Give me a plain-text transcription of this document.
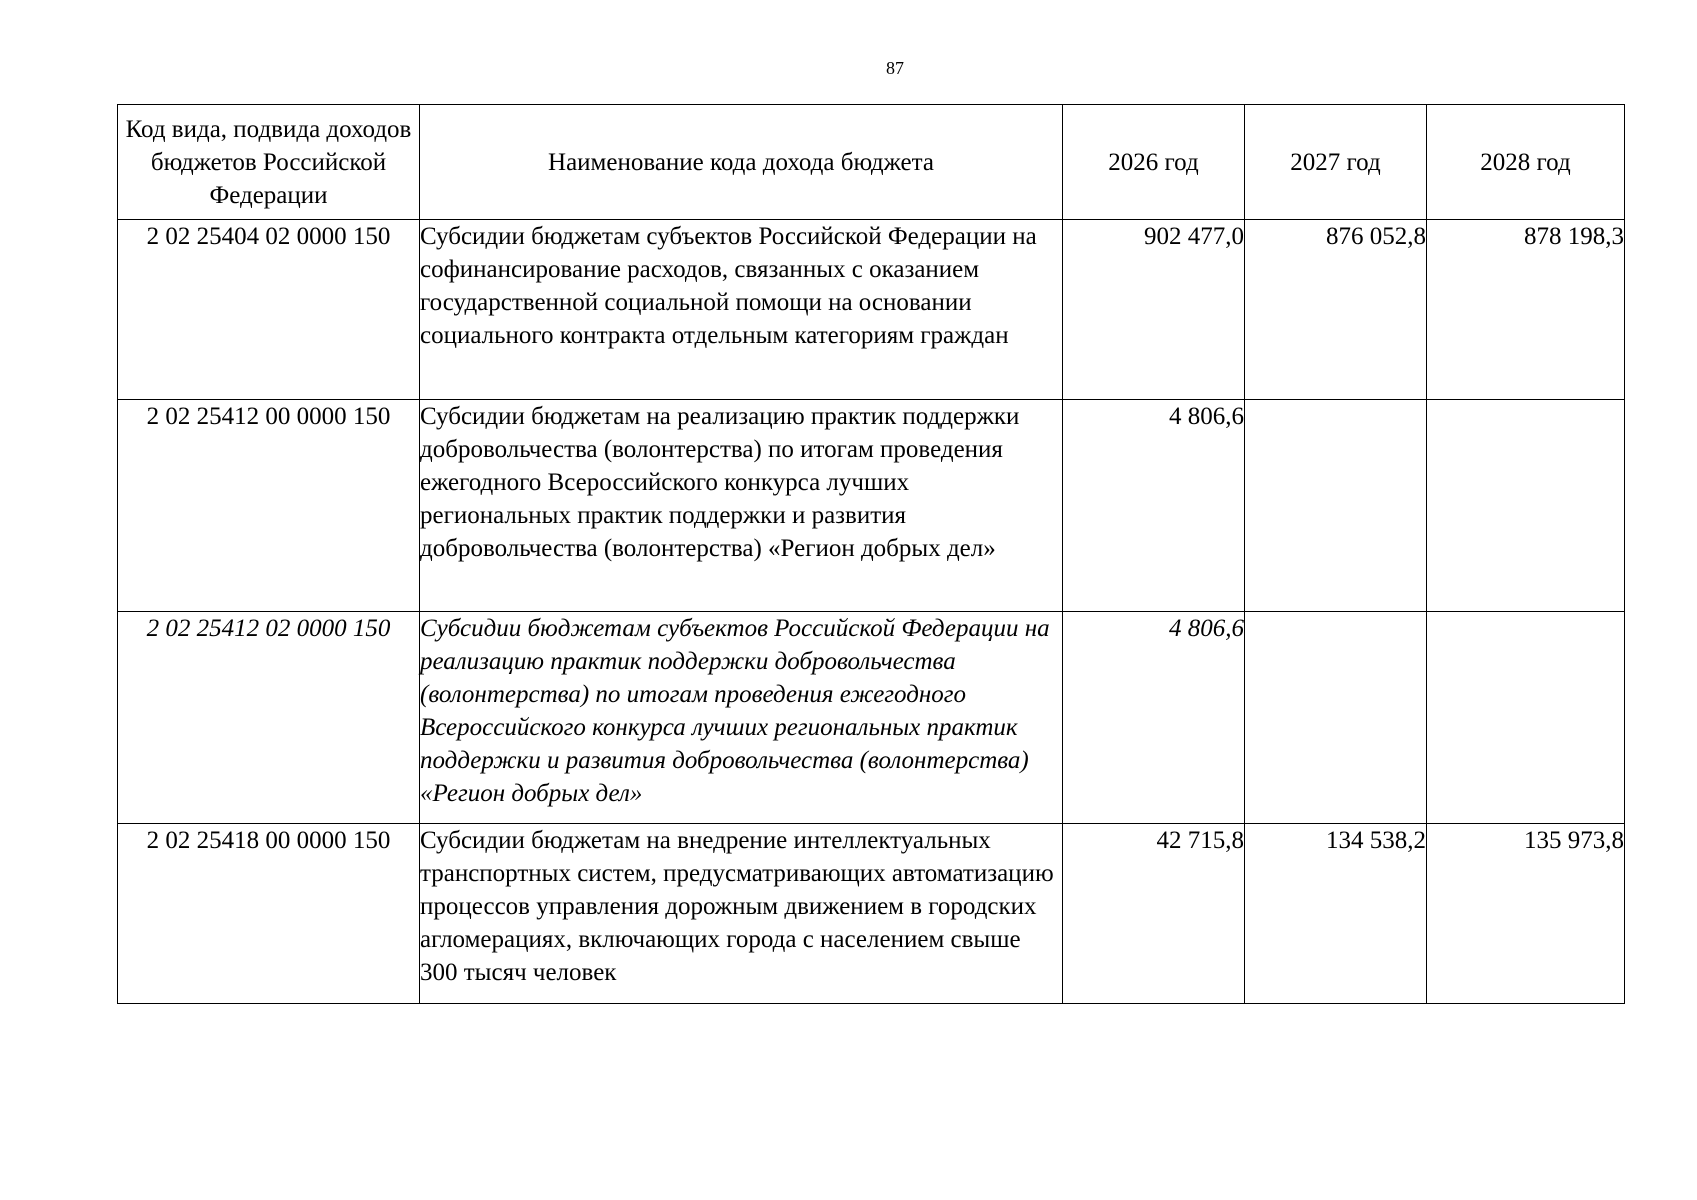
87
Код вида, подвида доходов бюджетов Российской Федерации	Наименование кода дохода бюджета	2026 год	2027 год	2028 год
2 02 25404 02 0000 150	Субсидии бюджетам субъектов Российской Федерации на софинансирование расходов, связанных с оказанием государственной социальной помощи на основании социального контракта отдельным категориям граждан	902 477,0	876 052,8	878 198,3
2 02 25412 00 0000 150	Субсидии бюджетам на реализацию практик поддержки добровольчества (волонтерства) по итогам проведения ежегодного Всероссийского конкурса лучших региональных практик поддержки и развития добровольчества (волонтерства) «Регион добрых дел»	4 806,6		
2 02 25412 02 0000 150	Субсидии бюджетам субъектов Российской Федерации на реализацию практик поддержки добровольчества (волонтерства) по итогам проведения ежегодного Всероссийского конкурса лучших региональных практик поддержки и развития добровольчества (волонтерства) «Регион добрых дел»	4 806,6		
2 02 25418 00 0000 150	Субсидии бюджетам на внедрение интеллектуальных транспортных систем, предусматривающих автоматизацию процессов управления дорожным движением в городских агломерациях, включающих города с населением свыше 300 тысяч человек	42 715,8	134 538,2	135 973,8
